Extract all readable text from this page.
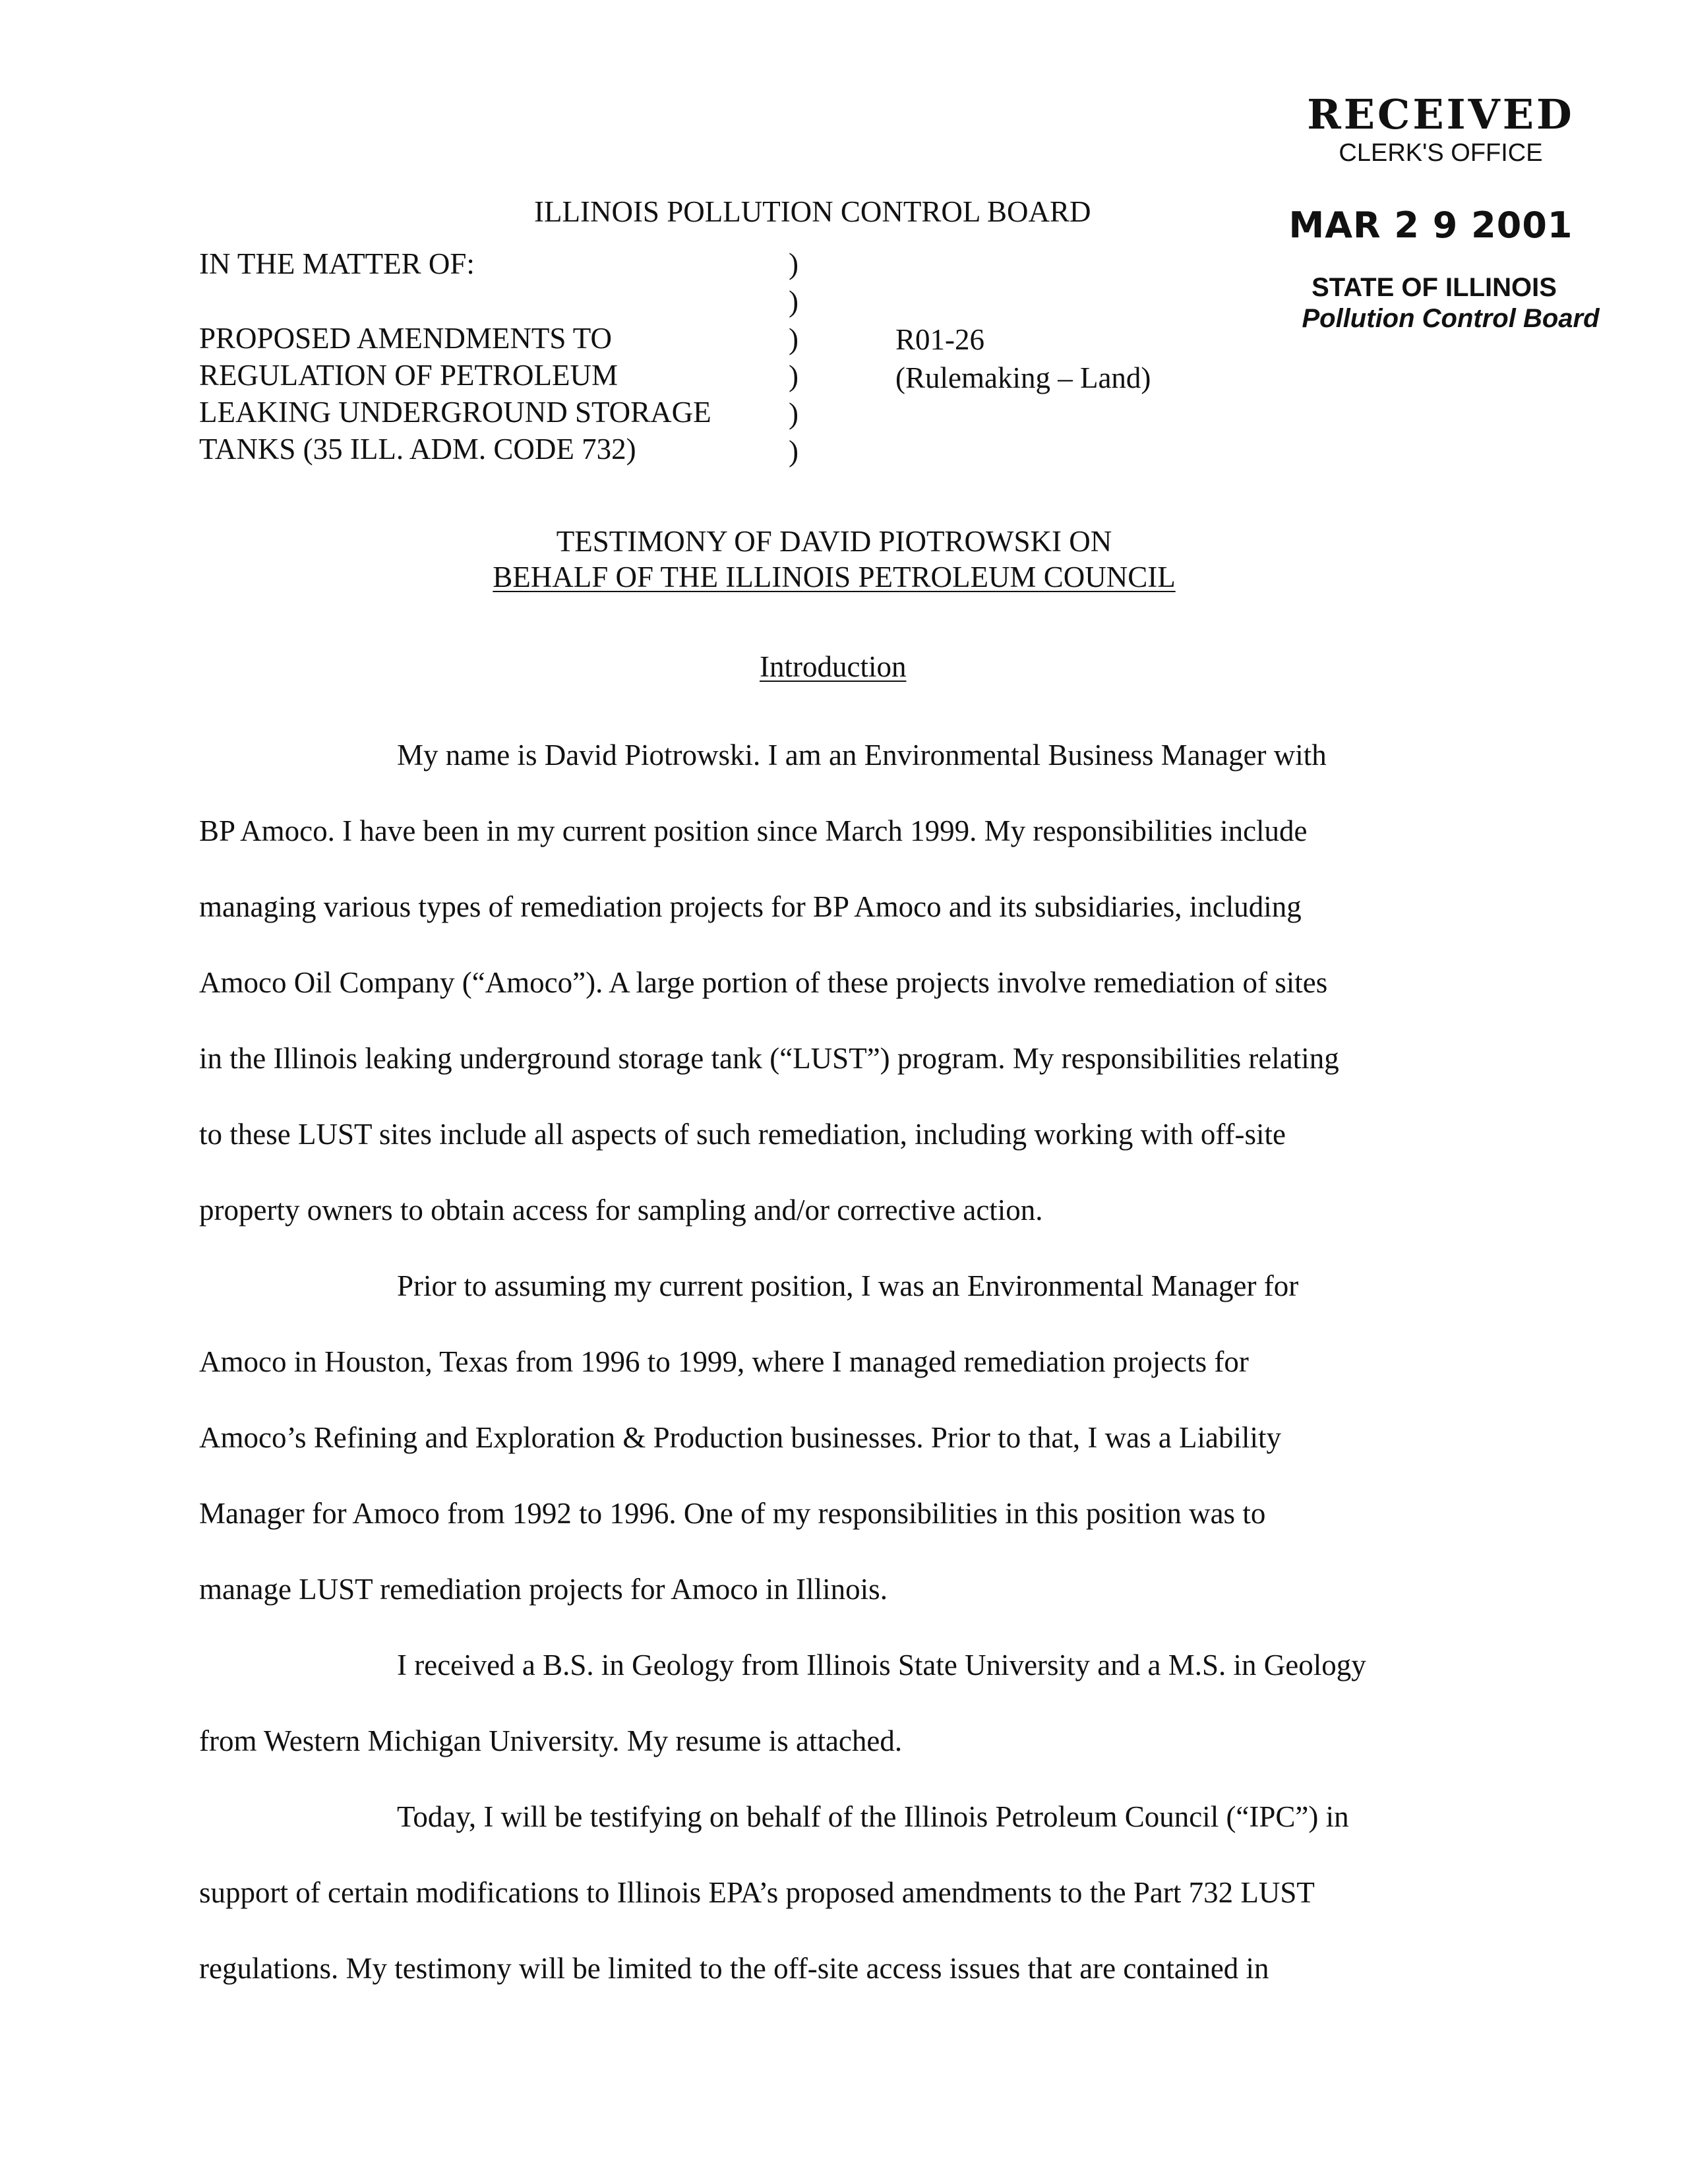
RECEIVED
CLERK'S OFFICE
MAR 2 9 2001
STATE OF ILLINOIS
Pollution Control Board
ILLINOIS POLLUTION CONTROL BOARD
IN THE MATTER OF:
PROPOSED AMENDMENTS TO
REGULATION OF PETROLEUM
LEAKING UNDERGROUND STORAGE
TANKS (35 ILL. ADM. CODE 732)
)
)
)
)
)
)
R01-26
(Rulemaking – Land)
TESTIMONY OF DAVID PIOTROWSKI ON
BEHALF OF THE ILLINOIS PETROLEUM COUNCIL
Introduction

My name is David Piotrowski. I am an Environmental Business Manager with

BP Amoco. I have been in my current position since March 1999. My responsibilities include

managing various types of remediation projects for BP Amoco and its subsidiaries, including

Amoco Oil Company (“Amoco”). A large portion of these projects involve remediation of sites

in the Illinois leaking underground storage tank (“LUST”) program. My responsibilities relating

to these LUST sites include all aspects of such remediation, including working with off-site

property owners to obtain access for sampling and/or corrective action.

Prior to assuming my current position, I was an Environmental Manager for

Amoco in Houston, Texas from 1996 to 1999, where I managed remediation projects for

Amoco’s Refining and Exploration & Production businesses. Prior to that, I was a Liability

Manager for Amoco from 1992 to 1996. One of my responsibilities in this position was to

manage LUST remediation projects for Amoco in Illinois.

I received a B.S. in Geology from Illinois State University and a M.S. in Geology

from Western Michigan University. My resume is attached.

Today, I will be testifying on behalf of the Illinois Petroleum Council (“IPC”) in

support of certain modifications to Illinois EPA’s proposed amendments to the Part 732 LUST

regulations. My testimony will be limited to the off-site access issues that are contained in
